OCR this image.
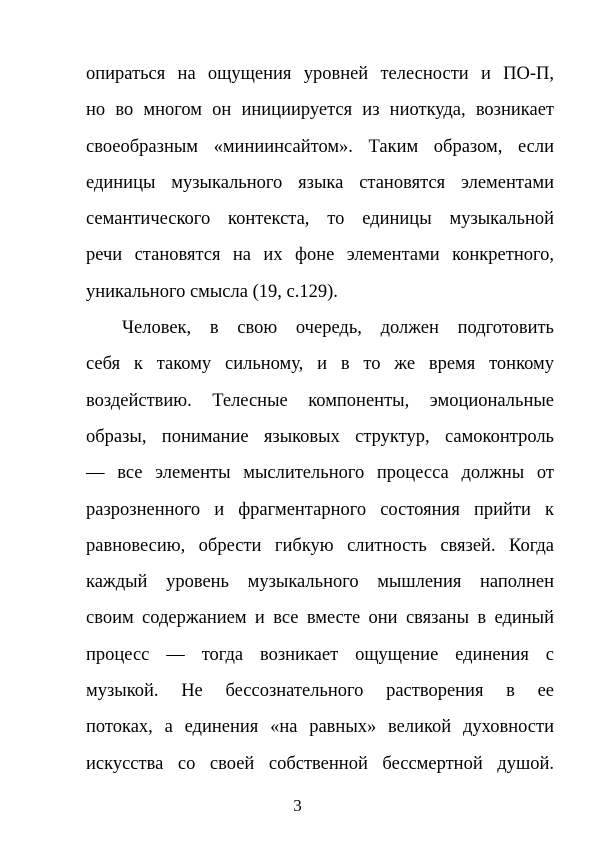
опираться на ощущения уровней телесности и ПО-П,
но во многом он инициируется из ниоткуда, возникает
своеобразным «миниинсайтом». Таким образом, если
единицы музыкального языка становятся элементами
семантического контекста, то единицы музыкальной
речи становятся на их фоне элементами конкретного,
уникального смысла (19, с.129).
Человек, в свою очередь, должен подготовить
себя к такому сильному, и в то же время тонкому
воздействию. Телесные компоненты, эмоциональные
образы, понимание языковых структур, самоконтроль
— все элементы мыслительного процесса должны от
разрозненного и фрагментарного состояния прийти к
равновесию, обрести гибкую слитность связей. Когда
каждый уровень музыкального мышления наполнен
своим содержанием и все вместе они связаны в единый
процесс — тогда возникает ощущение единения с
музыкой. Не бессознательного растворения в ее
потоках, а единения «на равных» великой духовности
искусства со своей собственной бессмертной душой.
3
